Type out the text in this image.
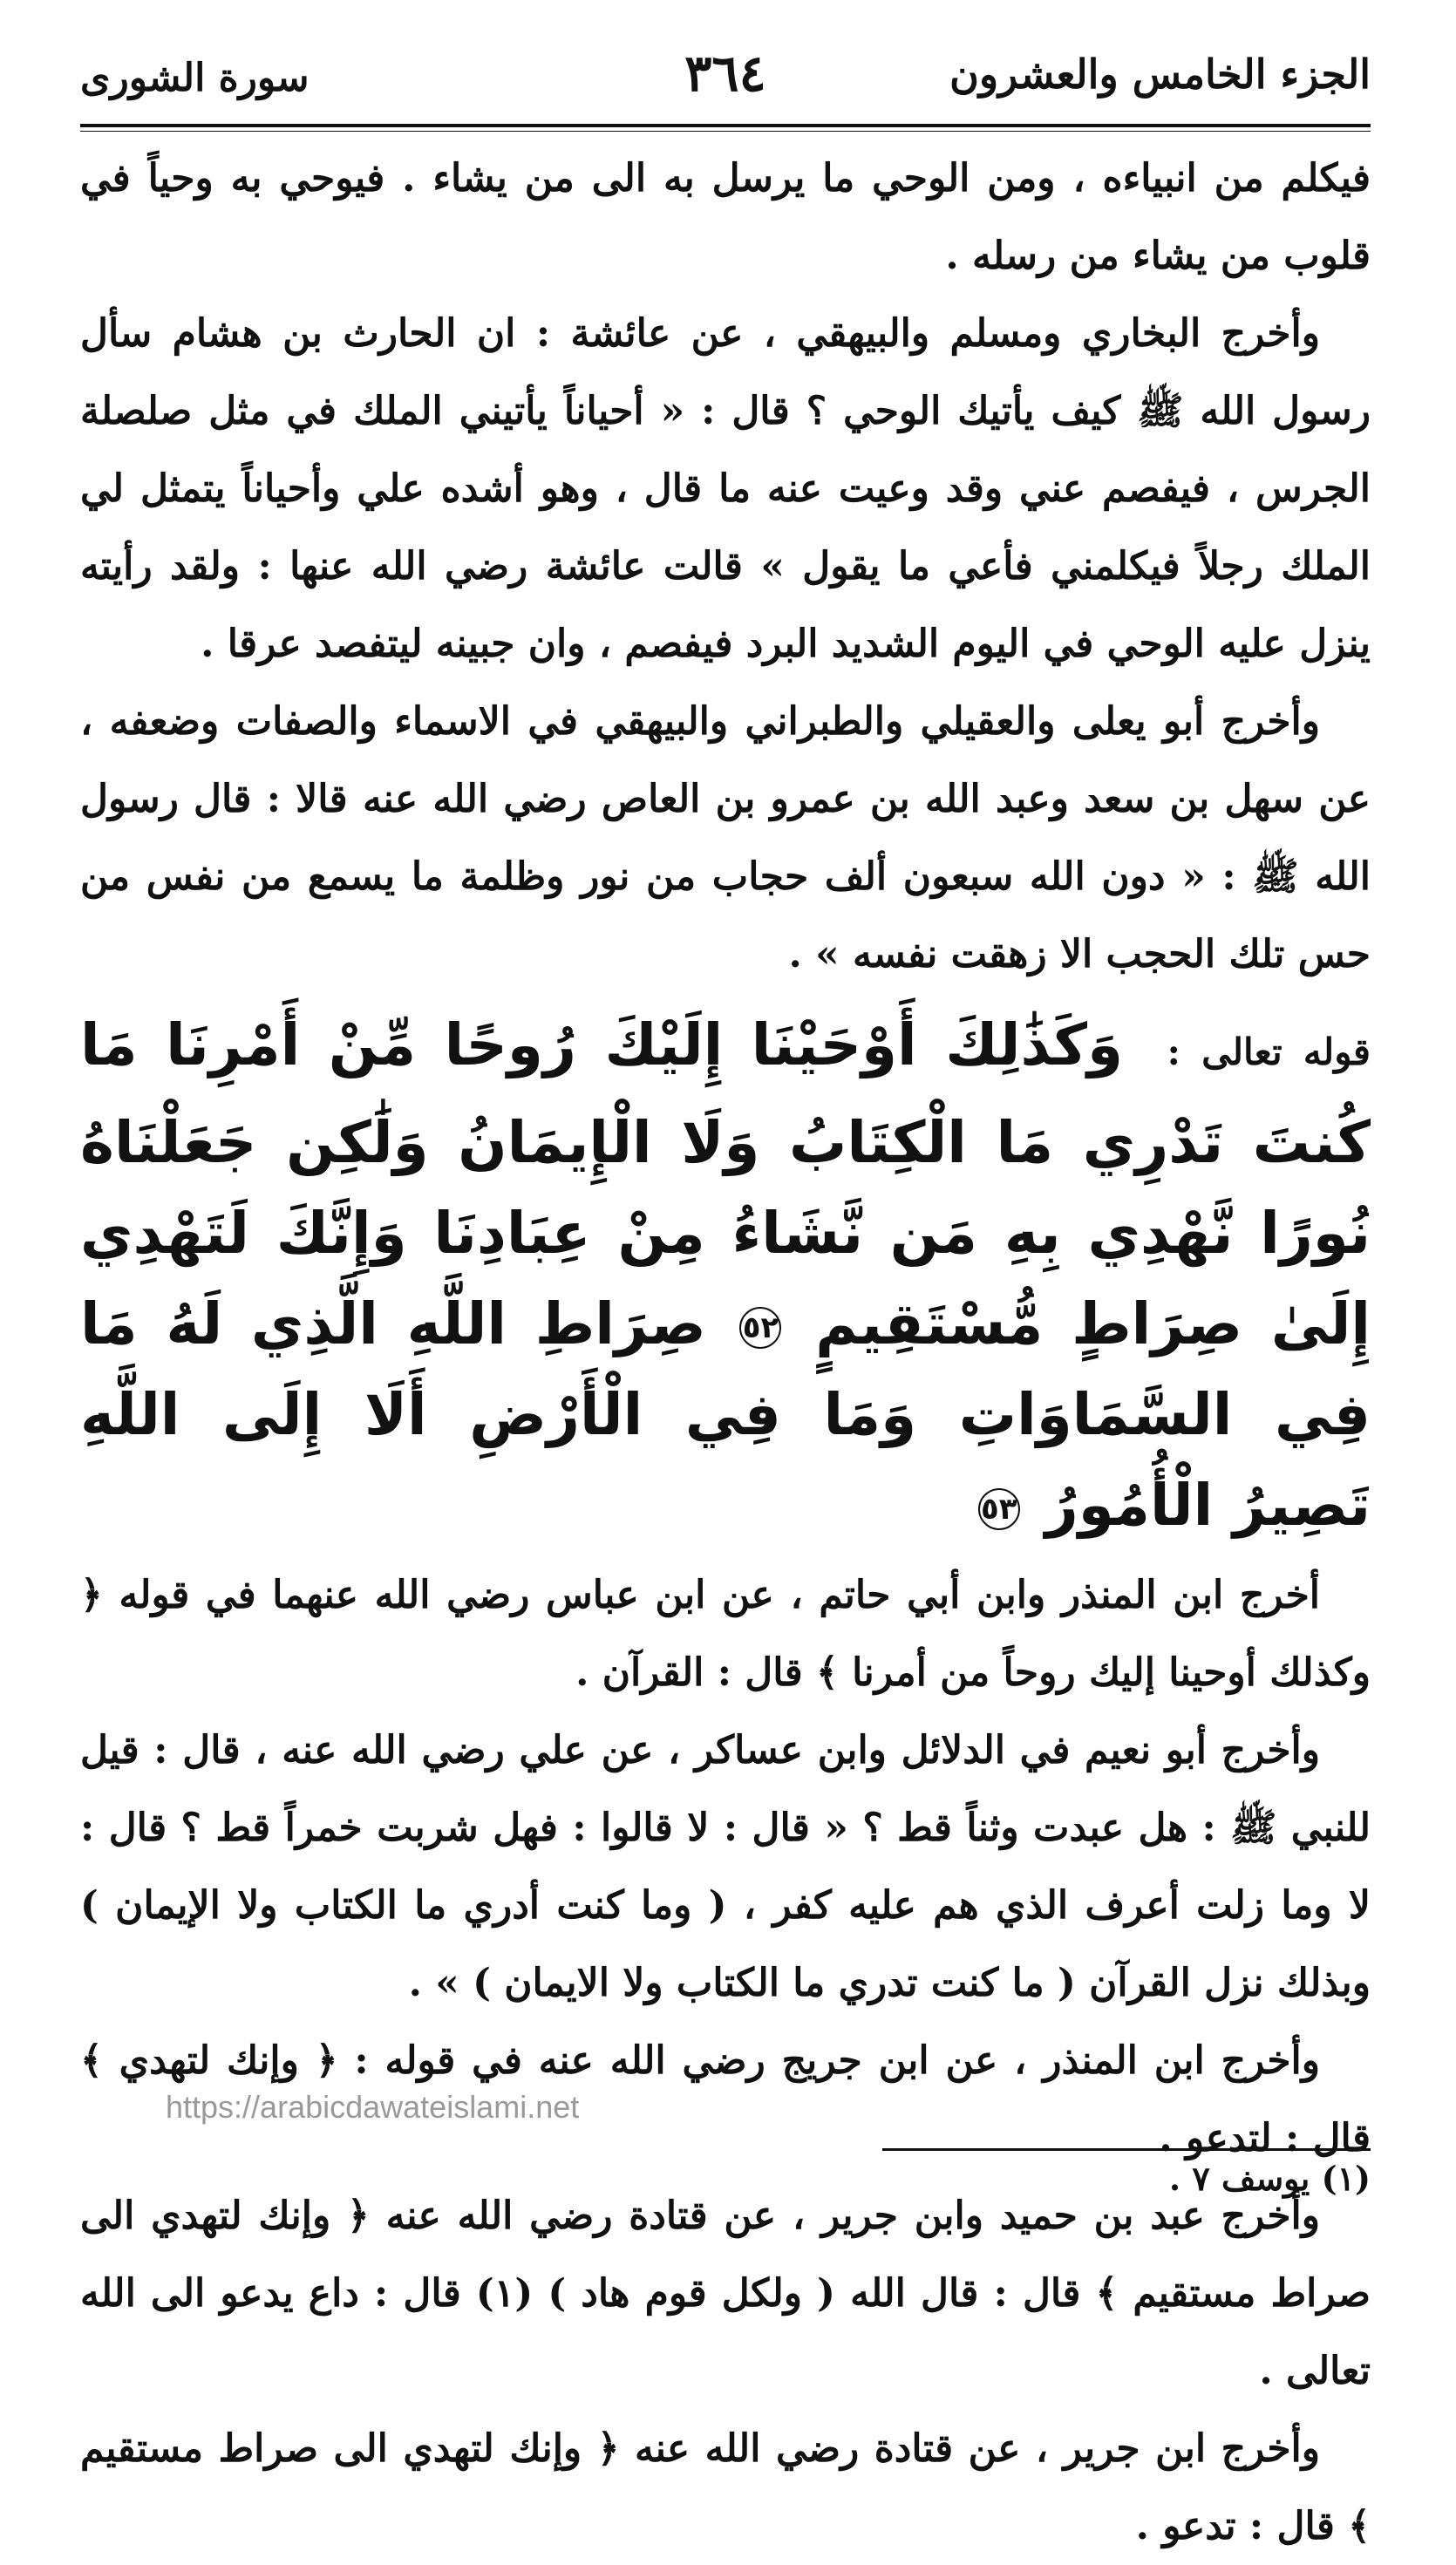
الجزء الخامس والعشرون
٣٦٤
سورة الشورى

فيكلم من انبياءه ، ومن الوحي ما يرسل به الى من يشاء . فيوحي به وحياً في قلوب من يشاء من رسله .

وأخرج البخاري ومسلم والبيهقي ، عن عائشة : ان الحارث بن هشام سأل رسول الله ﷺ كيف يأتيك الوحي ؟ قال : « أحياناً يأتيني الملك في مثل صلصلة الجرس ، فيفصم عني وقد وعيت عنه ما قال ، وهو أشده علي وأحياناً يتمثل لي الملك رجلاً فيكلمني فأعي ما يقول » قالت عائشة رضي الله عنها : ولقد رأيته ينزل عليه الوحي في اليوم الشديد البرد فيفصم ، وان جبينه ليتفصد عرقا .

وأخرج أبو يعلى والعقيلي والطبراني والبيهقي في الاسماء والصفات وضعفه ، عن سهل بن سعد وعبد الله بن عمرو بن العاص رضي الله عنه قالا : قال رسول الله ﷺ : « دون الله سبعون ألف حجاب من نور وظلمة ما يسمع من نفس من حس تلك الحجب الا زهقت نفسه » .

قوله تعالى : وَكَذَٰلِكَ أَوْحَيْنَا إِلَيْكَ رُوحًا مِّنْ أَمْرِنَا مَا كُنتَ تَدْرِي مَا الْكِتَابُ وَلَا الْإِيمَانُ وَلَٰكِن جَعَلْنَاهُ نُورًا نَّهْدِي بِهِ مَن نَّشَاءُ مِنْ عِبَادِنَا وَإِنَّكَ لَتَهْدِي إِلَىٰ صِرَاطٍ مُّسْتَقِيمٍ ٥٢ صِرَاطِ اللَّهِ الَّذِي لَهُ مَا فِي السَّمَاوَاتِ وَمَا فِي الْأَرْضِ أَلَا إِلَى اللَّهِ تَصِيرُ الْأُمُورُ ٥٣

أخرج ابن المنذر وابن أبي حاتم ، عن ابن عباس رضي الله عنهما في قوله ﴿ وكذلك أوحينا إليك روحاً من أمرنا ﴾ قال : القرآن .

وأخرج أبو نعيم في الدلائل وابن عساكر ، عن علي رضي الله عنه ، قال : قيل للنبي ﷺ : هل عبدت وثناً قط ؟ « قال : لا قالوا : فهل شربت خمراً قط ؟ قال : لا وما زلت أعرف الذي هم عليه كفر ، ( وما كنت أدري ما الكتاب ولا الإيمان ) وبذلك نزل القرآن ( ما كنت تدري ما الكتاب ولا الايمان ) » .

وأخرج ابن المنذر ، عن ابن جريج رضي الله عنه في قوله : ﴿ وإنك لتهدي ﴾ قال : لتدعو .

وأخرج عبد بن حميد وابن جرير ، عن قتادة رضي الله عنه ﴿ وإنك لتهدي الى صراط مستقيم ﴾ قال : قال الله ( ولكل قوم هاد ) (١) قال : داع يدعو الى الله تعالى .

وأخرج ابن جرير ، عن قتادة رضي الله عنه ﴿ وإنك لتهدي الى صراط مستقيم ﴾ قال : تدعو .

https://arabicdawateislami.net
(١) يوسف ٧ .
